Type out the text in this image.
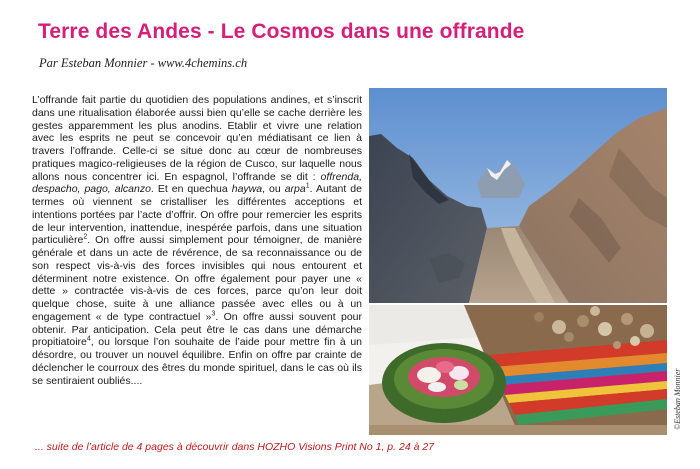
Terre des Andes - Le Cosmos dans une offrande
Par Esteban Monnier - www.4chemins.ch

L’offrande fait partie du quotidien des populations andines, et s’inscrit dans une ritualisation élaborée aussi bien qu’elle se cache derrière les gestes apparemment les plus anodins. Etablir et vivre une relation avec les esprits ne peut se concevoir qu’en médiatisant ce lien à travers l’offrande. Celle-ci se situe donc au cœur de nombreuses pratiques magico-religieuses de la région de Cusco, sur laquelle nous allons nous concentrer ici. En espagnol, l’offrande se dit : offrenda, despacho, pago, alcanzo. Et en quechua haywa, ou arpa$^1$. Autant de termes où viennent se cristalliser les différentes acceptions et intentions portées par l’acte d’offrir. On offre pour remercier les esprits de leur intervention, inattendue, inespérée parfois, dans une situation particulière$^2$. On offre aussi simplement pour témoigner, de manière générale et dans un acte de révérence, de sa reconnaissance ou de son respect vis-à-vis des forces invisibles qui nous entourent et déterminent notre existence. On offre également pour payer une « dette » contractée vis-à-vis de ces forces, parce qu’on leur doit quelque chose, suite à une alliance passée avec elles ou à un engagement « de type contractuel »$^3$. On offre aussi souvent pour obtenir. Par anticipation. Cela peut être le cas dans une démarche propitiatoire$^4$, ou lorsque l’on souhaite de l’aide pour mettre fin à un désordre, ou trouver un nouvel équilibre. Enfin on offre par crainte de déclencher le courroux des êtres du monde spirituel, dans le cas où ils se sentiraient oubliés....	©Esteban Monnier
... suite de l’article de 4 pages à découvrir dans HOZHO Visions Print No 1, p. 24 à 27
